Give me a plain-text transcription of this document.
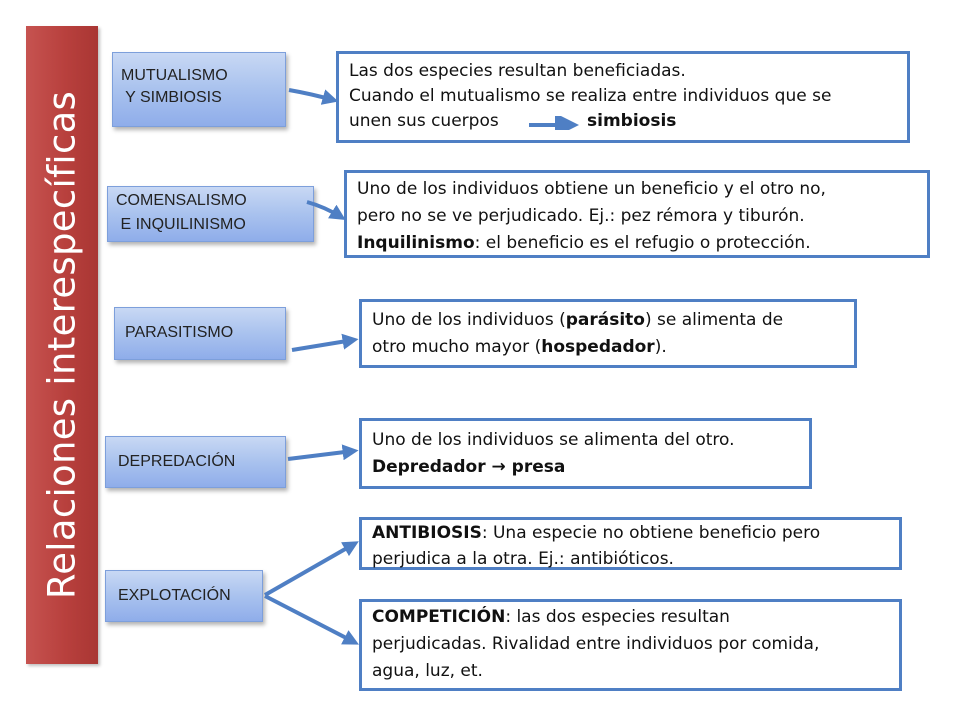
Relaciones interespecíficas
MUTUALISMO
Y SIMBIOSIS
COMENSALISMO
E INQUILINISMO
PARASITISMO
DEPREDACIÓN
EXPLOTACIÓN
Las dos especies resultan beneficiadas.
Cuando el mutualismo se realiza entre individuos que se
unen sus cuerpos	simbiosis
Uno de los individuos obtiene un beneficio y el otro no,
pero no se ve perjudicado. Ej.: pez rémora y tiburón.
Inquilinismo: el beneficio es el refugio o protección.
Uno de los individuos (parásito) se alimenta de
otro mucho mayor (hospedador).
Uno de los individuos se alimenta del otro.
Depredador → presa
ANTIBIOSIS: Una especie no obtiene beneficio pero
perjudica a la otra. Ej.: antibióticos.
COMPETICIÓN: las dos especies resultan
perjudicadas. Rivalidad entre individuos por comida,
agua, luz, et.
